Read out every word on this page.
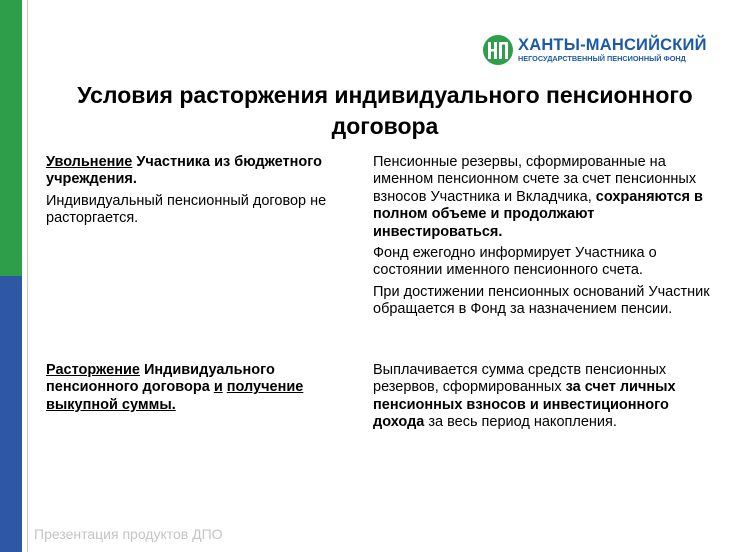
ХАНТЫ-МАНСИЙСКИЙ
НЕГОСУДАРСТВЕННЫЙ ПЕНСИОННЫЙ ФОНД
Условия расторжения индивидуального пенсионного договора

Увольнение Участника из бюджетного учреждения.

Индивидуальный пенсионный договор не расторгается.

Пенсионные резервы, сформированные на именном пенсионном счете за счет пенсионных взносов Участника и Вкладчика, сохраняются в полном объеме и продолжают инвестироваться.

Фонд ежегодно информирует Участника о состоянии именного пенсионного счета.

При достижении пенсионных оснований Участник обращается в Фонд за назначением пенсии.

Расторжение Индивидуального пенсионного договора и получение выкупной суммы.

Выплачивается сумма средств пенсионных резервов, сформированных за счет личных пенсионных взносов и инвестиционного дохода за весь период накопления.

Презентация продуктов ДПО
